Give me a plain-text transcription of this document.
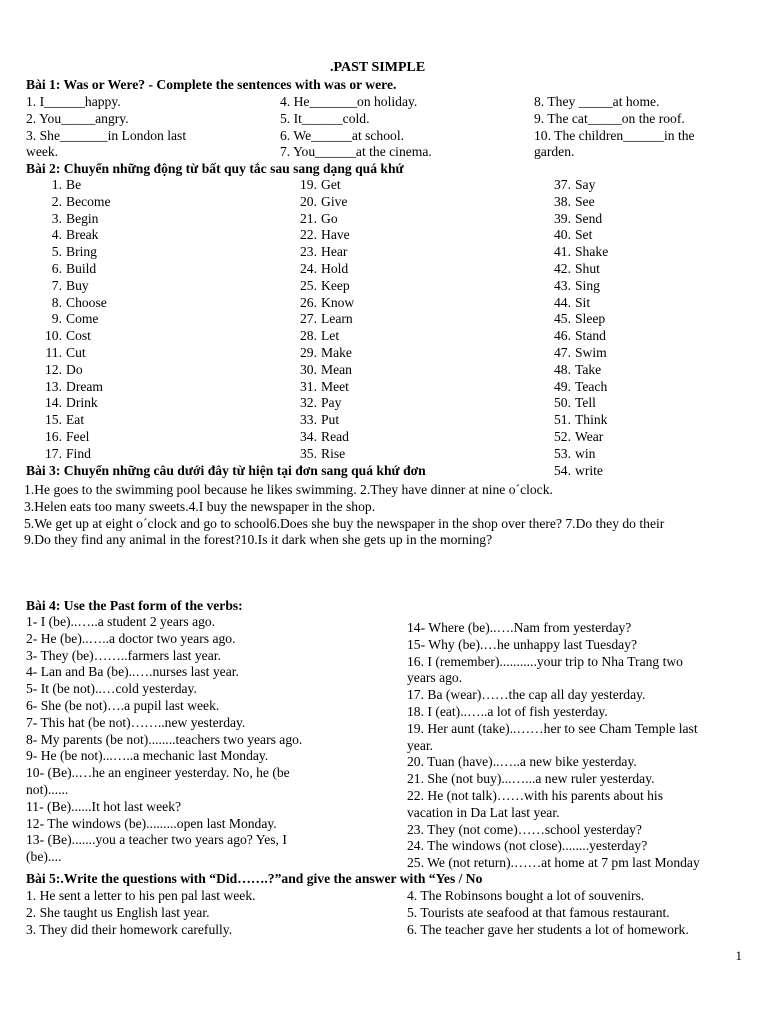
.PAST SIMPLE
Bài 1: Was or Were? - Complete the sentences with was or were.
1. I______happy.
2. You_____angry.
3. She_______in London last
week.
4. He_______on holiday.
5. It______cold.
6. We______at school.
7. You______at the cinema.
8. They _____at home.
9. The cat_____on the roof.
10. The children______in the
garden.
Bài 2: Chuyển những động từ bất quy tắc sau sang dạng quá khứ
1. Be
2. Become
3. Begin
4. Break
5. Bring
6. Build
7. Buy
8. Choose
9. Come
10. Cost
11. Cut
12. Do
13. Dream
14. Drink
15. Eat
16. Feel
17. Find
19. Get
20. Give
21. Go
22. Have
23. Hear
24. Hold
25. Keep
26. Know
27. Learn
28. Let
29. Make
30. Mean
31. Meet
32. Pay
33. Put
34. Read
35. Rise
37. Say
38. See
39. Send
40. Set
41. Shake
42. Shut
43. Sing
44. Sit
45. Sleep
46. Stand
47. Swim
48. Take
49. Teach
50. Tell
51. Think
52. Wear
53. win
54. write
Bài 3: Chuyển những câu dưới đây từ hiện tại đơn sang quá khứ đơn
1.He goes to the swimming pool because he likes swimming. 2.They have dinner at nine o´clock.
3.Helen eats too many sweets.4.I buy the newspaper in the shop.
5.We get up at eight o´clock and go to school6.Does she buy the newspaper in the shop over there? 7.Do they do their
9.Do they find any animal in the forest?10.Is it dark when she gets up in the morning?
Bài 4: Use the Past form of the verbs:
1- I (be)..…..a student 2 years ago.
2- He (be)..…..a doctor two years ago.
3- They (be)……..farmers last year.
4- Lan and Ba (be)..….nurses last year.
5- It (be not)..…cold yesterday.
6- She (be not)….a pupil last week.
7- This hat (be not)……..new yesterday.
8- My parents (be not)........teachers two years ago.
9- He (be not)...…..a mechanic last Monday.
10- (Be)..…he an engineer yesterday. No, he (be
not)......
11- (Be)......It hot last week?
12- The windows (be).........open last Monday.
13- (Be).......you a teacher two years ago? Yes, I
(be)....
14- Where (be)..….Nam from yesterday?
15- Why (be).…he unhappy last Tuesday?
16. I (remember)...........your trip to Nha Trang two
years ago.
17. Ba (wear)……the cap all day yesterday.
18. I (eat)..…..a lot of fish yesterday.
19. Her aunt (take)..……her to see Cham Temple last
year.
20. Tuan (have)..…..a new bike yesterday.
21. She (not buy)...…...a new ruler yesterday.
22. He (not talk)……with his parents about his
vacation in Da Lat last year.
23. They (not come)……school yesterday?
24. The windows (not close)........yesterday?
25. We (not return).……at home at 7 pm last Monday
Bài 5:.Write the questions with “Did…….?”and give the answer with “Yes / No
1. He sent a letter to his pen pal last week.
2. She taught us English last year.
3. They did their homework carefully.
4. The Robinsons bought a lot of souvenirs.
5. Tourists ate seafood at that famous restaurant.
6. The teacher gave her students a lot of homework.
1
